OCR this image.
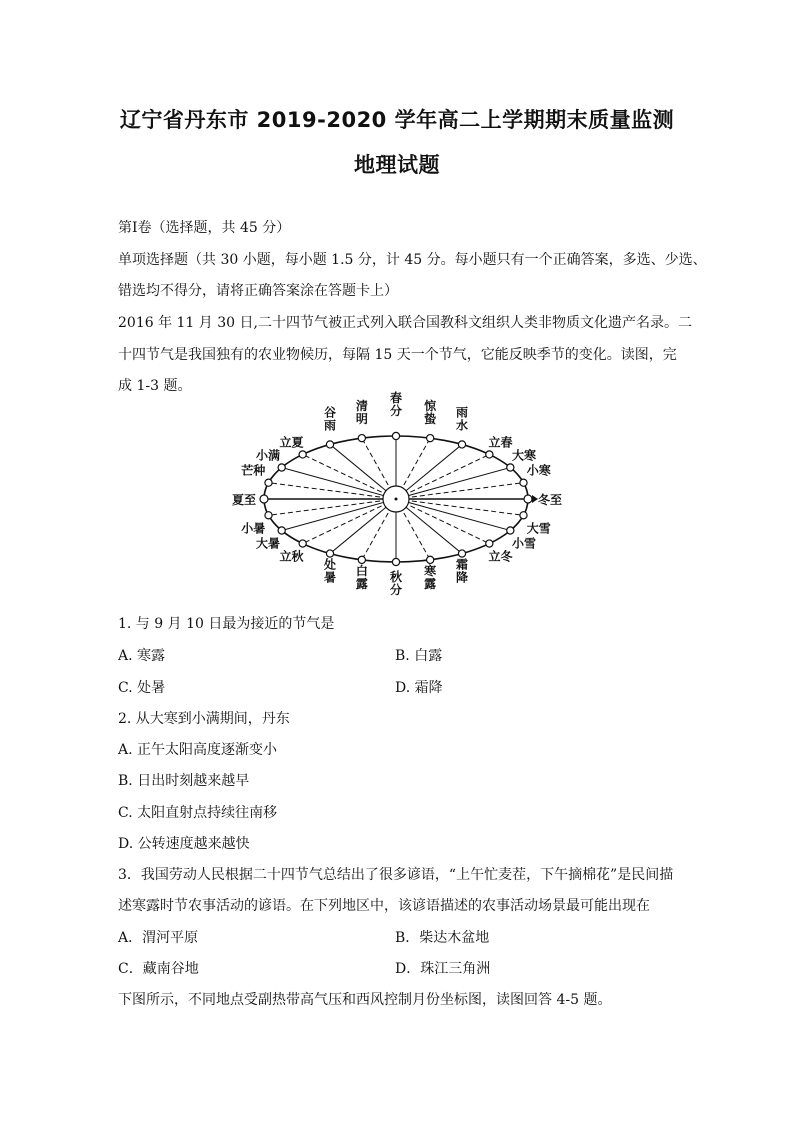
辽宁省丹东市 2019-2020 学年高二上学期期末质量监测
地理试题
第Ⅰ卷（选择题，共 45 分）
单项选择题（共 30 小题，每小题 1.5 分，计 45 分。每小题只有一个正确答案，多选、少选、
错选均不得分，请将正确答案涂在答题卡上）
2016 年 11 月 30 日,二十四节气被正式列入联合国教科文组织人类非物质文化遗产名录。二
十四节气是我国独有的农业物候历，每隔 15 天一个节气，它能反映季节的变化。读图，完
成 1-3 题。
芒种
小满
立夏
谷
雨
清
明
春
分 惊
蛰 雨
水
立春
大寒
小寒
小暑
大暑
立秋
处
暑 白
露 秋
分
寒
露
霜
降
立冬
小雪
大雪
夏至	冬至
1. 与 9 月 10 日最为接近的节气是
A. 寒露	B. 白露
C. 处暑	D. 霜降
2. 从大寒到小满期间，丹东
A. 正午太阳高度逐渐变小
B. 日出时刻越来越早
C. 太阳直射点持续往南移
D. 公转速度越来越快
3．我国劳动人民根据二十四节气总结出了很多谚语，“上午忙麦茬，下午摘棉花”是民间描
述寒露时节农事活动的谚语。在下列地区中，该谚语描述的农事活动场景最可能出现在
A．渭河平原	B．柴达木盆地
C．藏南谷地	D．珠江三角洲
下图所示，不同地点受副热带高气压和西风控制月份坐标图，读图回答 4-5 题。
